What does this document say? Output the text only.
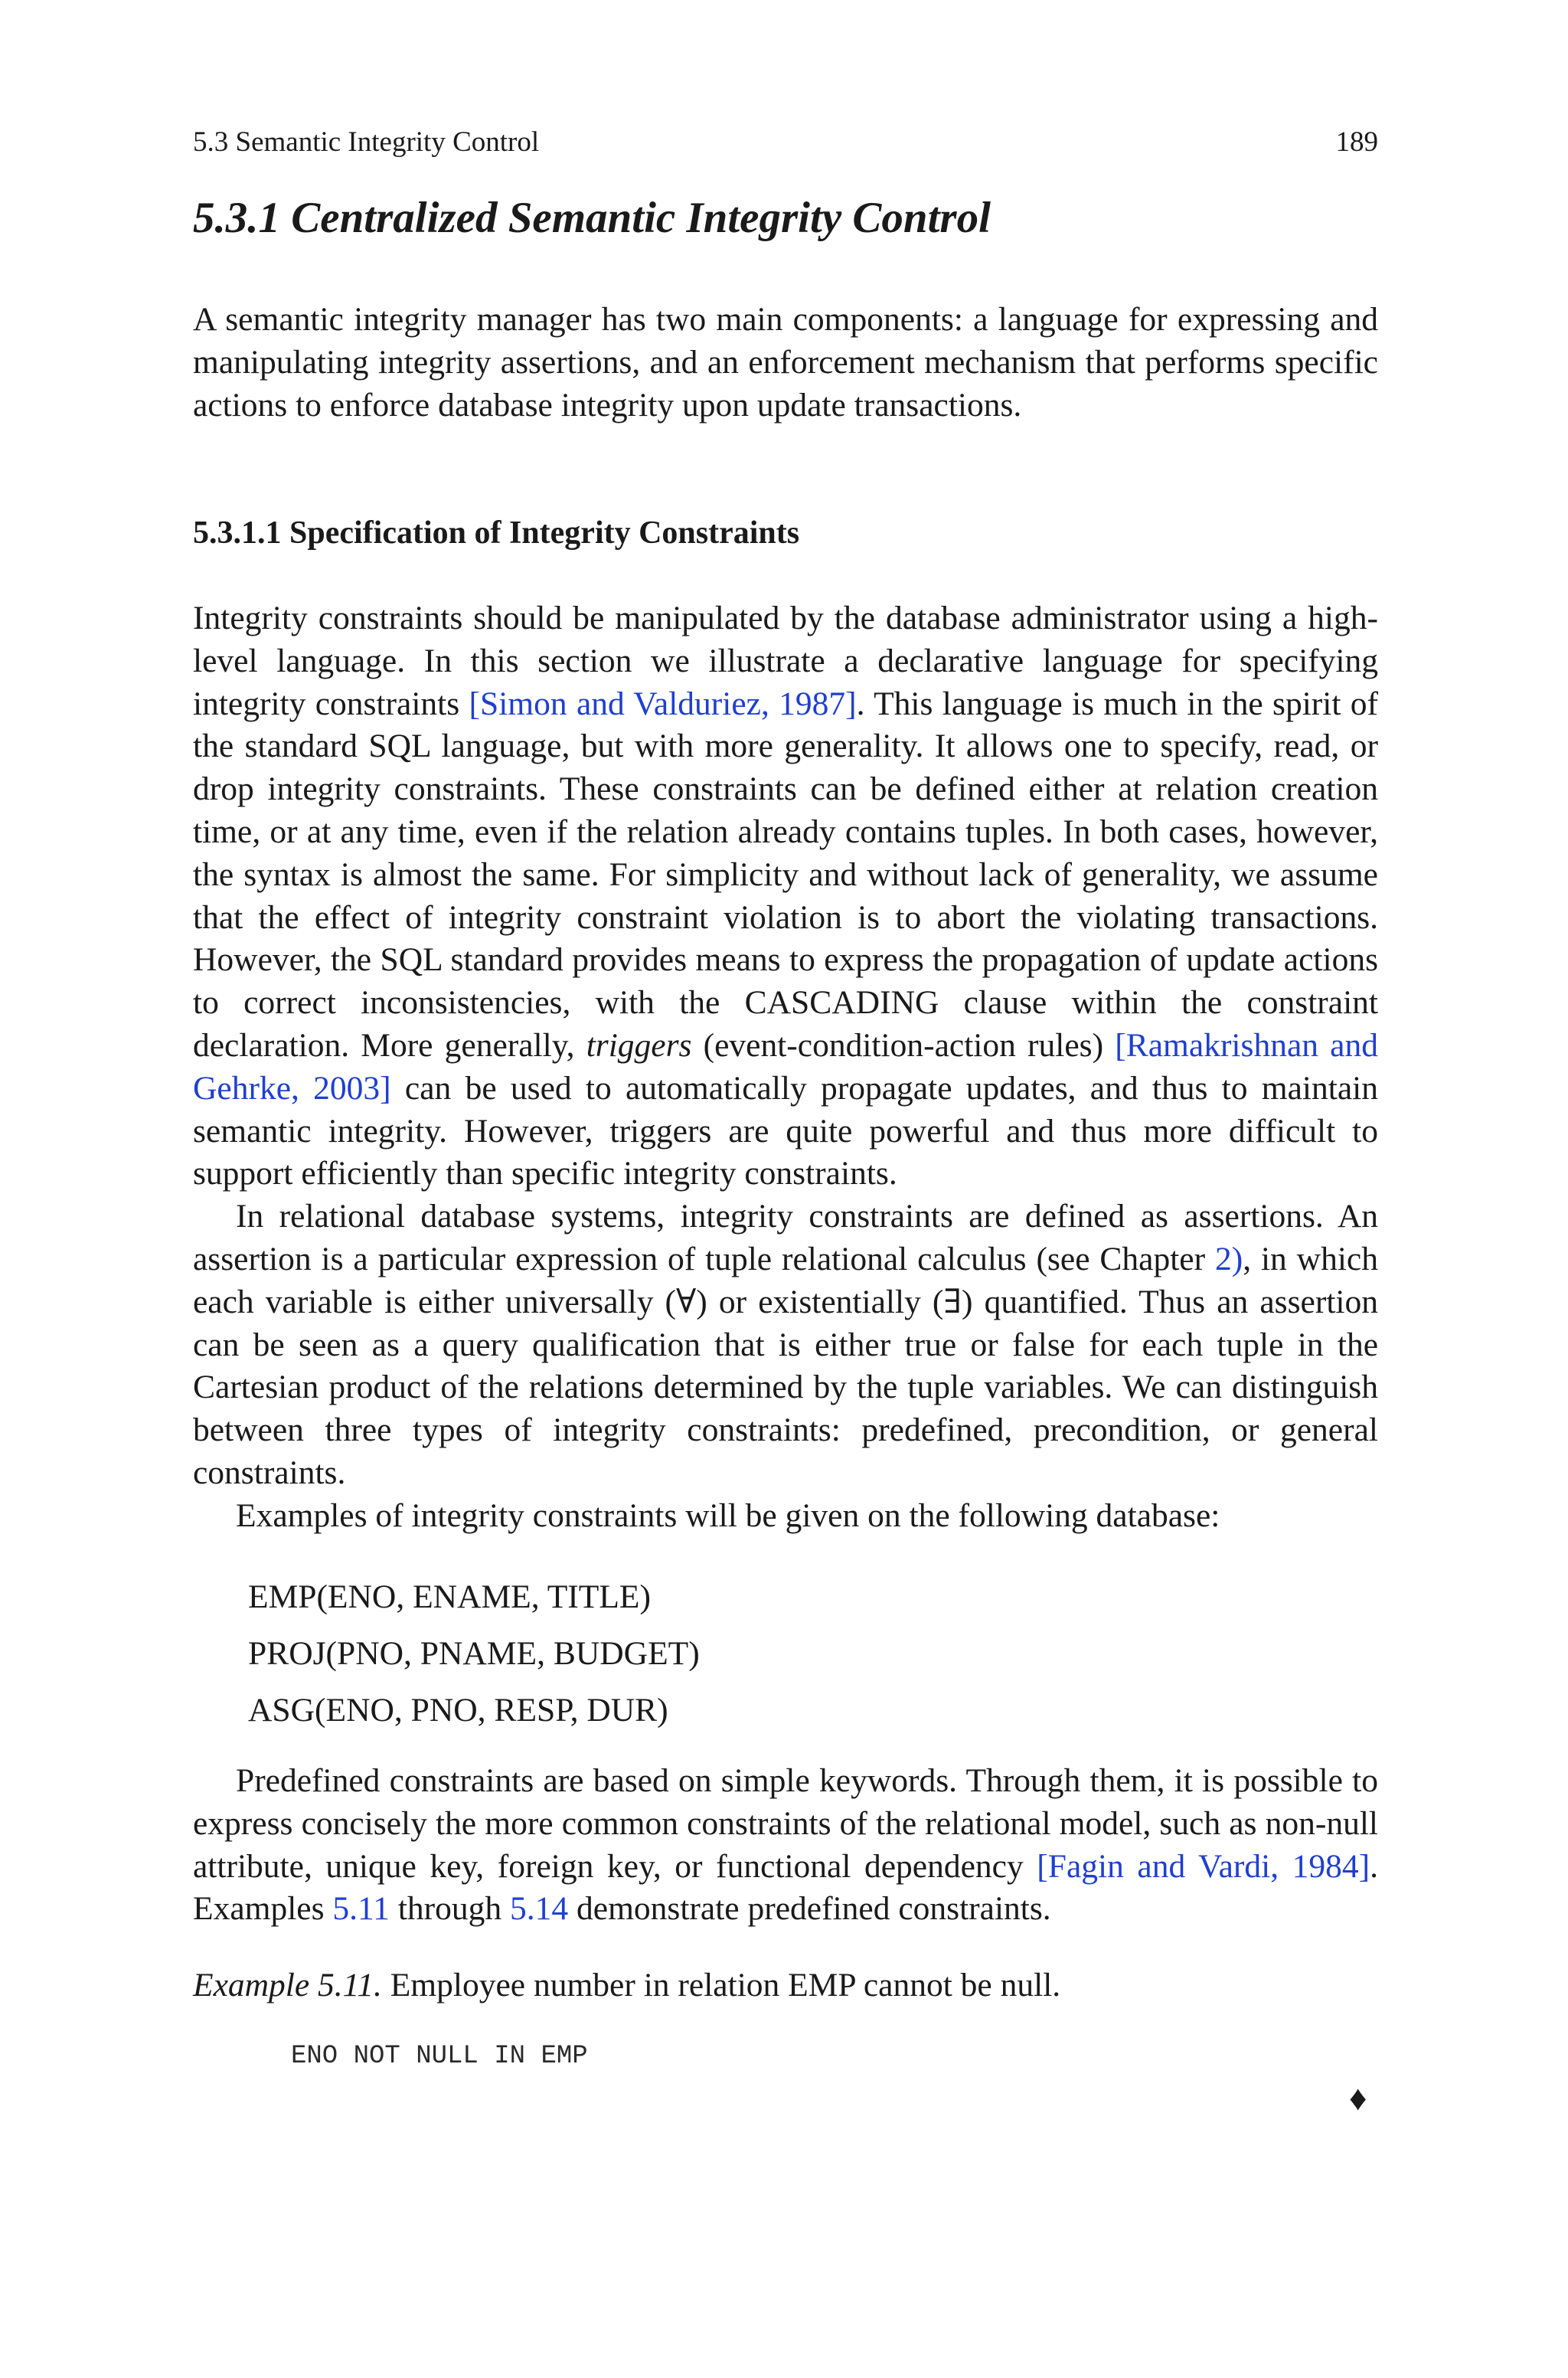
5.3 Semantic Integrity Control	189
5.3.1 Centralized Semantic Integrity Control

A semantic integrity manager has two main components: a language for expressing and manipulating integrity assertions, and an enforcement mechanism that performs specific actions to enforce database integrity upon update transactions.

5.3.1.1 Specification of Integrity Constraints

Integrity constraints should be manipulated by the database administrator using a high-level language. In this section we illustrate a declarative language for specifying integrity constraints [Simon and Valduriez, 1987]. This language is much in the spirit of the standard SQL language, but with more generality. It allows one to specify, read, or drop integrity constraints. These constraints can be defined either at relation creation time, or at any time, even if the relation already contains tuples. In both cases, however, the syntax is almost the same. For simplicity and without lack of generality, we assume that the effect of integrity constraint violation is to abort the violating transactions. However, the SQL standard provides means to express the propagation of update actions to correct inconsistencies, with the CASCADING clause within the constraint declaration. More generally, triggers (event-condition-action rules) [Ramakrishnan and Gehrke, 2003] can be used to automatically propagate updates, and thus to maintain semantic integrity. However, triggers are quite powerful and thus more difficult to support efficiently than specific integrity constraints.

In relational database systems, integrity constraints are defined as assertions. An assertion is a particular expression of tuple relational calculus (see Chapter 2), in which each variable is either universally (∀) or existentially (∃) quantified. Thus an assertion can be seen as a query qualification that is either true or false for each tuple in the Cartesian product of the relations determined by the tuple variables. We can distinguish between three types of integrity constraints: predefined, precondition, or general constraints.

Examples of integrity constraints will be given on the following database:

EMP(ENO, ENAME, TITLE)
PROJ(PNO, PNAME, BUDGET)
ASG(ENO, PNO, RESP, DUR)

Predefined constraints are based on simple keywords. Through them, it is possible to express concisely the more common constraints of the relational model, such as non-null attribute, unique key, foreign key, or functional dependency [Fagin and Vardi, 1984]. Examples 5.11 through 5.14 demonstrate predefined constraints.

Example 5.11. Employee number in relation EMP cannot be null.
ENO NOT NULL IN EMP
♦
